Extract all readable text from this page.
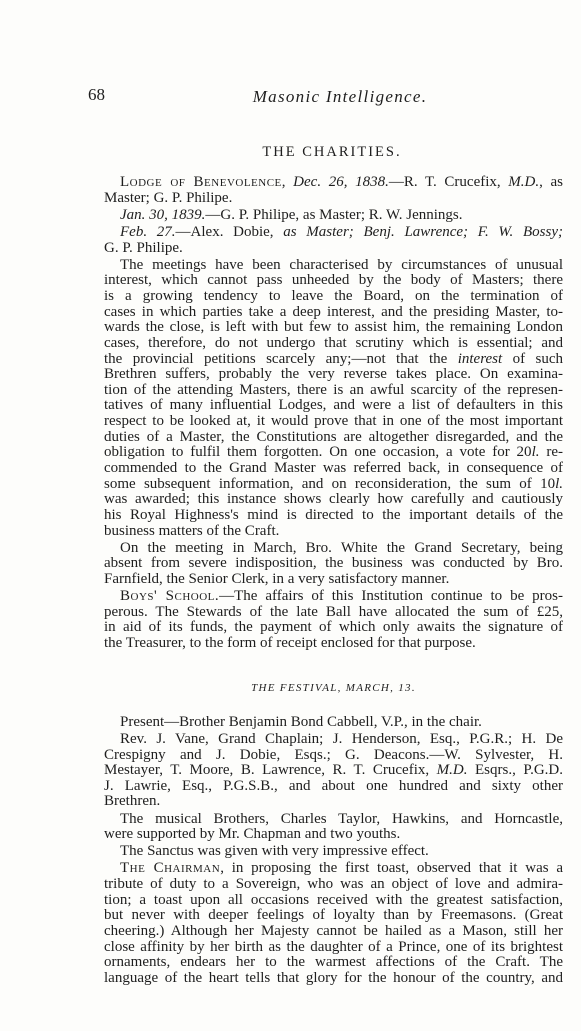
68	Masonic Intelligence.
THE CHARITIES.
Lodge of Benevolence, Dec. 26, 1838.—R. T. Crucefix, M.D., as
Master; G. P. Philipe.
Jan. 30, 1839.—G. P. Philipe, as Master; R. W. Jennings.
Feb. 27.—Alex. Dobie, as Master; Benj. Lawrence; F. W. Bossy;
G. P. Philipe.
The meetings have been characterised by circumstances of unusual
interest, which cannot pass unheeded by the body of Masters; there
is a growing tendency to leave the Board, on the termination of
cases in which parties take a deep interest, and the presiding Master, to-
wards the close, is left with but few to assist him, the remaining London
cases, therefore, do not undergo that scrutiny which is essential; and
the provincial petitions scarcely any;—not that the interest of such
Brethren suffers, probably the very reverse takes place. On examina-
tion of the attending Masters, there is an awful scarcity of the represen-
tatives of many influential Lodges, and were a list of defaulters in this
respect to be looked at, it would prove that in one of the most important
duties of a Master, the Constitutions are altogether disregarded, and the
obligation to fulfil them forgotten. On one occasion, a vote for 20l. re-
commended to the Grand Master was referred back, in consequence of
some subsequent information, and on reconsideration, the sum of 10l.
was awarded; this instance shows clearly how carefully and cautiously
his Royal Highness's mind is directed to the important details of the
business matters of the Craft.
On the meeting in March, Bro. White the Grand Secretary, being
absent from severe indisposition, the business was conducted by Bro.
Farnfield, the Senior Clerk, in a very satisfactory manner.
Boys' School.—The affairs of this Institution continue to be pros-
perous. The Stewards of the late Ball have allocated the sum of £25,
in aid of its funds, the payment of which only awaits the signature of
the Treasurer, to the form of receipt enclosed for that purpose.
THE FESTIVAL, MARCH, 13.
Present—Brother Benjamin Bond Cabbell, V.P., in the chair.
Rev. J. Vane, Grand Chaplain; J. Henderson, Esq., P.G.R.; H. De
Crespigny and J. Dobie, Esqs.; G. Deacons.—W. Sylvester, H.
Mestayer, T. Moore, B. Lawrence, R. T. Crucefix, M.D. Esqrs., P.G.D.
J. Lawrie, Esq., P.G.S.B., and about one hundred and sixty other
Brethren.
The musical Brothers, Charles Taylor, Hawkins, and Horncastle,
were supported by Mr. Chapman and two youths.
The Sanctus was given with very impressive effect.
The Chairman, in proposing the first toast, observed that it was a
tribute of duty to a Sovereign, who was an object of love and admira-
tion; a toast upon all occasions received with the greatest satisfaction,
but never with deeper feelings of loyalty than by Freemasons. (Great
cheering.) Although her Majesty cannot be hailed as a Mason, still her
close affinity by her birth as the daughter of a Prince, one of its brightest
ornaments, endears her to the warmest affections of the Craft. The
language of the heart tells that glory for the honour of the country, and
